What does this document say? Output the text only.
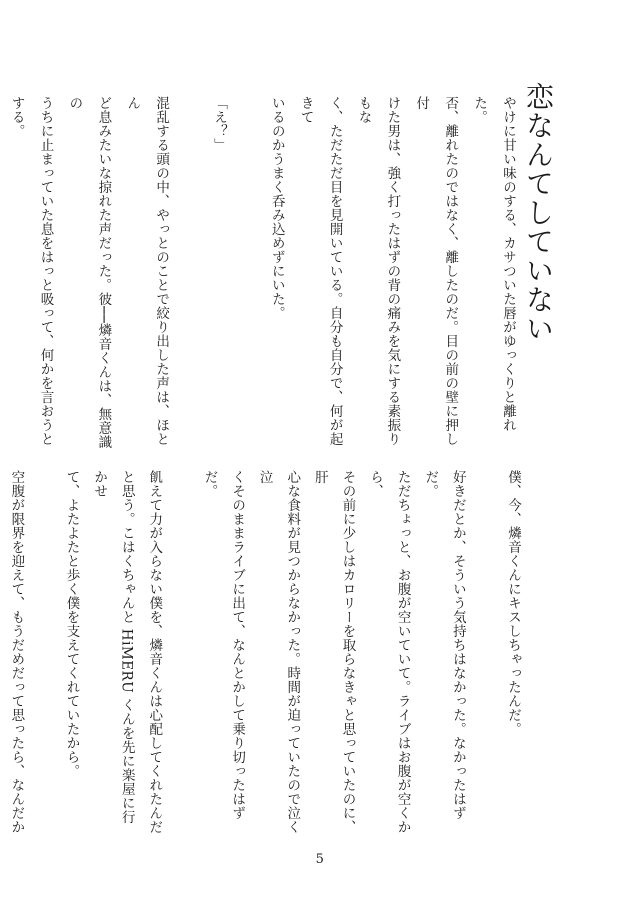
恋なんてしていない
やけに甘い味のする、カサついた唇がゆっくりと離れた。
否、離れたのではなく、離したのだ。目の前の壁に押し付
けた男は、強く打ったはずの背の痛みを気にする素振りもな
く、ただただ目を見開いている。自分も自分で、何が起きて
いるのかうまく呑み込めずにいた。

「え？」

混乱する頭の中、やっとのことで絞り出した声は、ほとん
ど息みたいな掠れた声だった。彼──燐音くんは、無意識の
うちに止まっていた息をはっと吸って、何かを言おうとする。

僕、今、燐音くんにキスしちゃったんだ。

好きだとか、そういう気持ちはなかった。なかったはずだ。
ただちょっと、お腹が空いていて。ライブはお腹が空くから、
その前に少しはカロリーを取らなきゃと思っていたのに、肝
心な食料が見つからなかった。時間が迫っていたので泣く泣
くそのままライブに出て、なんとかして乗り切ったはずだ。

飢えて力が入らない僕を、燐音くんは心配してくれたんだ
と思う。こはくちゃんと HiMERU くんを先に楽屋に行かせ
て、よたよたと歩く僕を支えてくれていたから。

空腹が限界を迎えて、もうだめだって思ったら、なんだか

5
